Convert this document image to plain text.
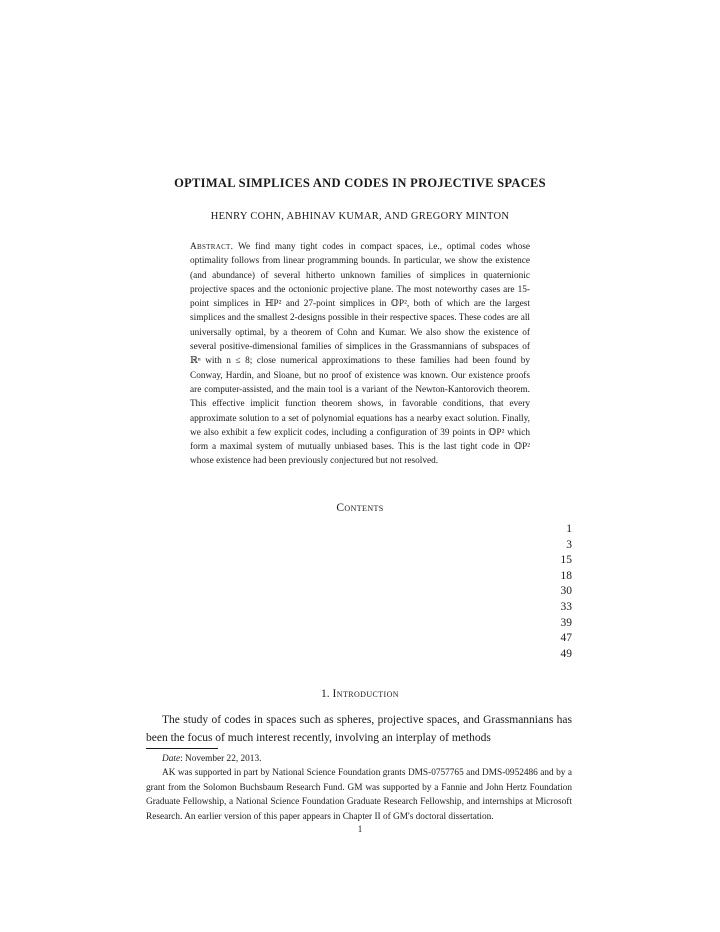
OPTIMAL SIMPLICES AND CODES IN PROJECTIVE SPACES
HENRY COHN, ABHINAV KUMAR, AND GREGORY MINTON
Abstract. We find many tight codes in compact spaces, i.e., optimal codes whose optimality follows from linear programming bounds. In particular, we show the existence (and abundance) of several hitherto unknown families of simplices in quaternionic projective spaces and the octonionic projective plane. The most noteworthy cases are 15-point simplices in ℍP² and 27-point simplices in 𝕆P², both of which are the largest simplices and the smallest 2-designs possible in their respective spaces. These codes are all universally optimal, by a theorem of Cohn and Kumar. We also show the existence of several positive-dimensional families of simplices in the Grassmannians of subspaces of ℝⁿ with n ≤ 8; close numerical approximations to these families had been found by Conway, Hardin, and Sloane, but no proof of existence was known. Our existence proofs are computer-assisted, and the main tool is a variant of the Newton-Kantorovich theorem. This effective implicit function theorem shows, in favorable conditions, that every approximate solution to a set of polynomial equations has a nearby exact solution. Finally, we also exhibit a few explicit codes, including a configuration of 39 points in 𝕆P² which form a maximal system of mutually unbiased bases. This is the last tight code in 𝕆P² whose existence had been previously conjectured but not resolved.
Contents
1
3
15
18
30
33
39
47
49
1. Introduction

The study of codes in spaces such as spheres, projective spaces, and Grassmannians has been the focus of much interest recently, involving an interplay of methods

Date: November 22, 2013.

AK was supported in part by National Science Foundation grants DMS-0757765 and DMS-0952486 and by a grant from the Solomon Buchsbaum Research Fund. GM was supported by a Fannie and John Hertz Foundation Graduate Fellowship, a National Science Foundation Graduate Research Fellowship, and internships at Microsoft Research. An earlier version of this paper appears in Chapter II of GM's doctoral dissertation.

1
